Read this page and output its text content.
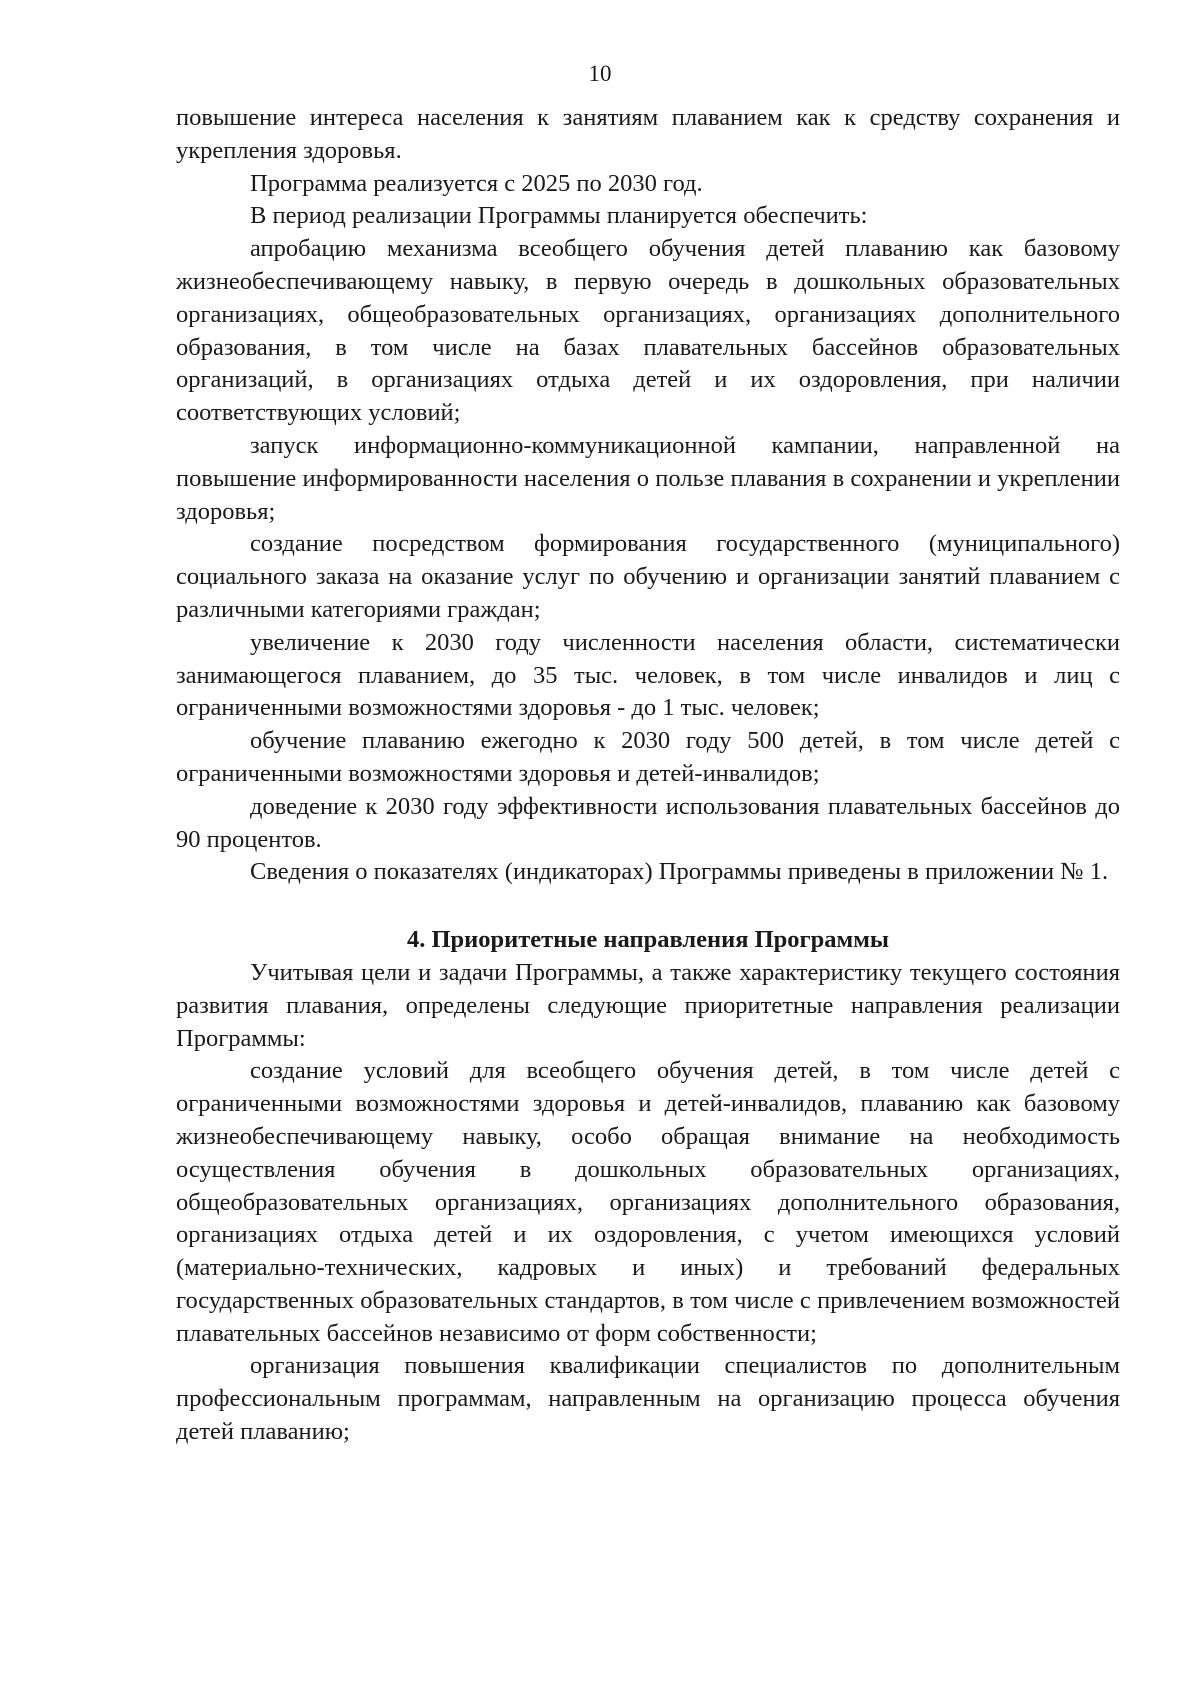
10

повышение интереса населения к занятиям плаванием как к средству сохранения и укрепления здоровья.

Программа реализуется с 2025 по 2030 год.

В период реализации Программы планируется обеспечить:

апробацию механизма всеобщего обучения детей плаванию как базовому жизнеобеспечивающему навыку, в первую очередь в дошкольных образовательных организациях, общеобразовательных организациях, организациях дополнительного образования, в том числе на базах плавательных бассейнов образовательных организаций, в организациях отдыха детей и их оздоровления, при наличии соответствующих условий;

запуск информационно-коммуникационной кампании, направленной на повышение информированности населения о пользе плавания в сохранении и укреплении здоровья;

создание посредством формирования государственного (муниципального) социального заказа на оказание услуг по обучению и организации занятий плаванием с различными категориями граждан;

увеличение к 2030 году численности населения области, систематически занимающегося плаванием, до 35 тыс. человек, в том числе инвалидов и лиц с ограниченными возможностями здоровья - до 1 тыс. человек;

обучение плаванию ежегодно к 2030 году 500 детей, в том числе детей с ограниченными возможностями здоровья и детей-инвалидов;

доведение к 2030 году эффективности использования плавательных бассейнов до 90 процентов.

Сведения о показателях (индикаторах) Программы приведены в приложении № 1.

4. Приоритетные направления Программы

Учитывая цели и задачи Программы, а также характеристику текущего состояния развития плавания, определены следующие приоритетные направления реализации Программы:

создание условий для всеобщего обучения детей, в том числе детей с ограниченными возможностями здоровья и детей-инвалидов, плаванию как базовому жизнеобеспечивающему навыку, особо обращая внимание на необходимость осуществления обучения в дошкольных образовательных организациях, общеобразовательных организациях, организациях дополнительного образования, организациях отдыха детей и их оздоровления, с учетом имеющихся условий (материально-технических, кадровых и иных) и требований федеральных государственных образовательных стандартов, в том числе с привлечением возможностей плавательных бассейнов независимо от форм собственности;

организация повышения квалификации специалистов по дополнительным профессиональным программам, направленным на организацию процесса обучения детей плаванию;
